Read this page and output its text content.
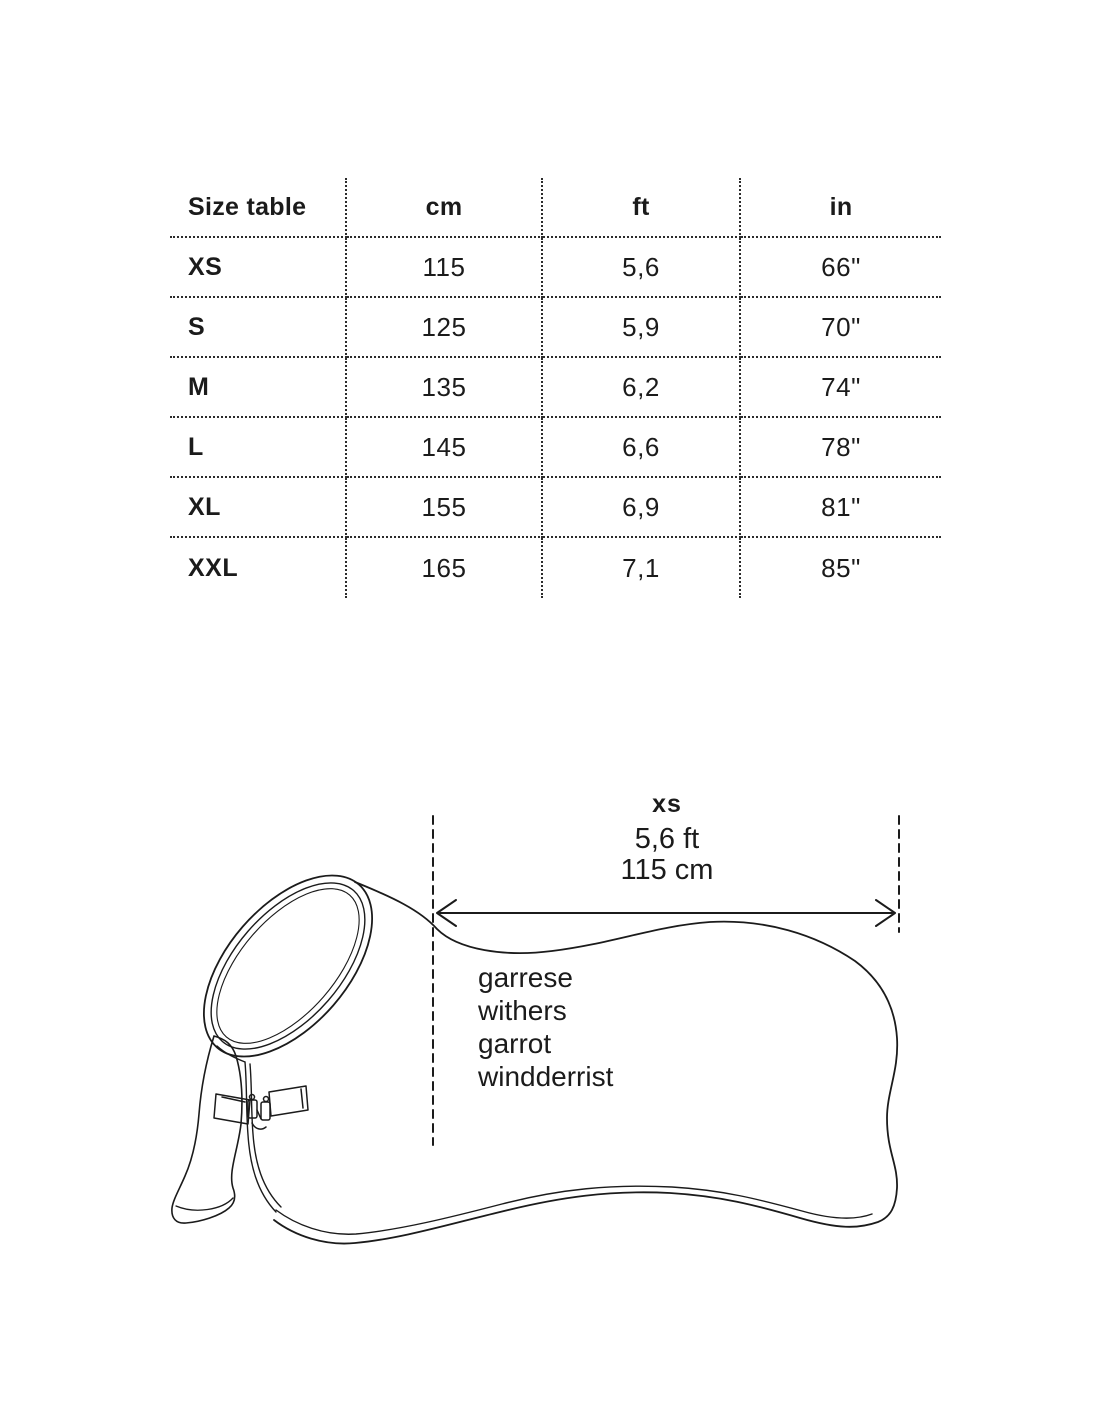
Size table	cm	ft	in
XS	115	5,6	66"
S	125	5,9	70"
M	135	6,2	74"
L	145	6,6	78"
XL	155	6,9	81"
XXL	165	7,1	85"
xs
5,6 ft
115 cm
garrese
withers
garrot
windderrist
